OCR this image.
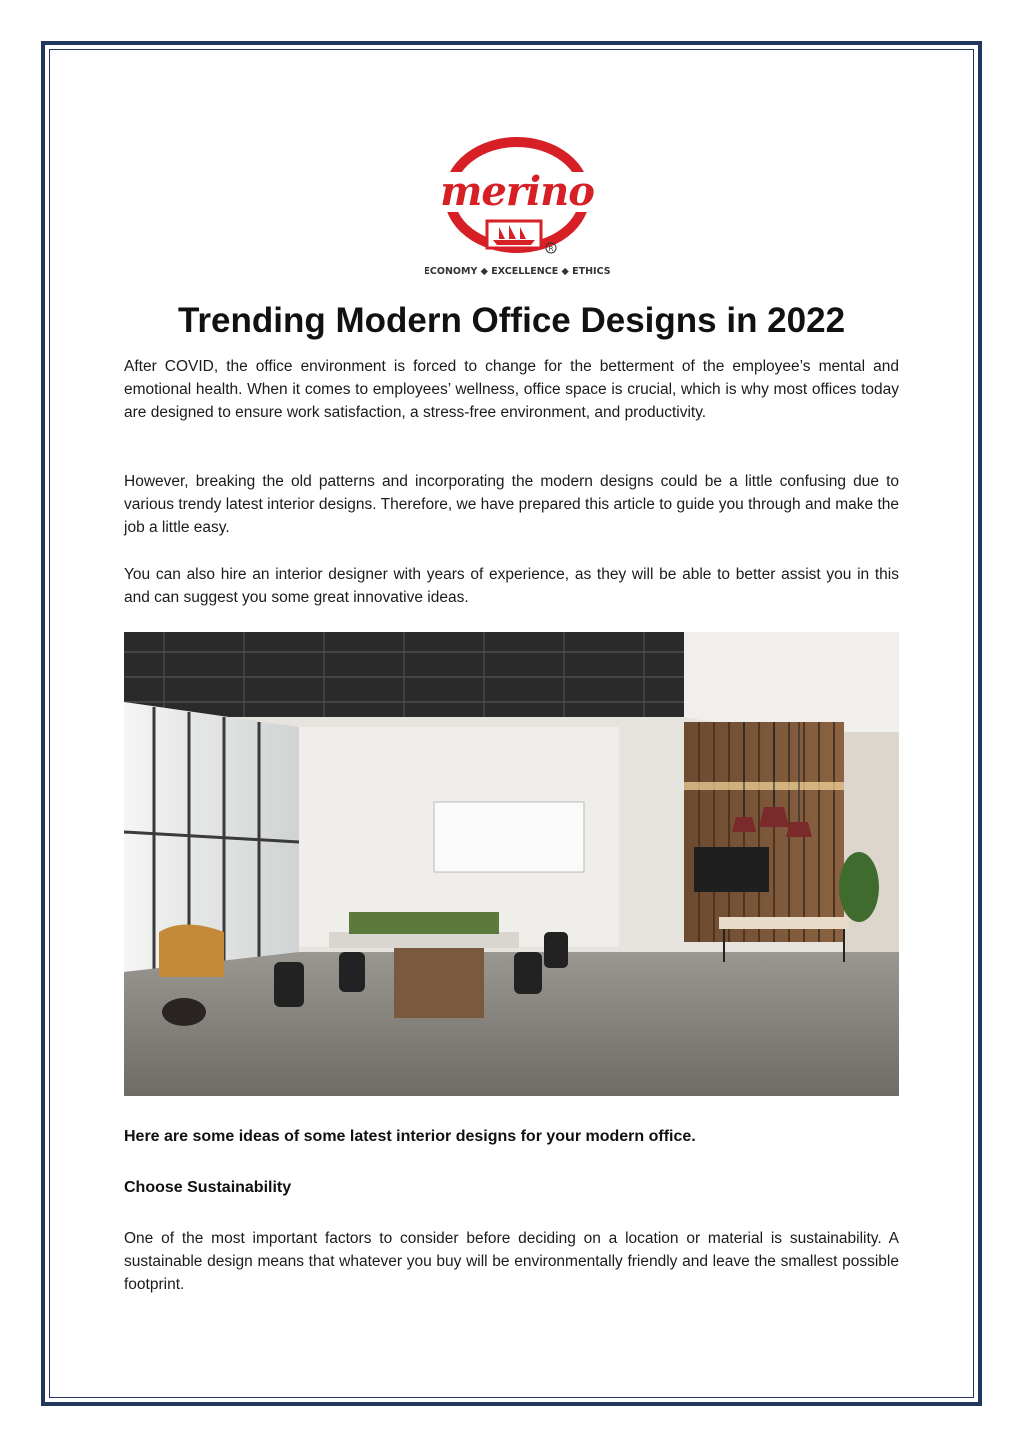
merino
R
ECONOMY ◆ EXCELLENCE ◆ ETHICS
Trending Modern Office Designs in 2022

After COVID, the office environment is forced to change for the betterment of the employee’s mental and emotional health. When it comes to employees’ wellness, office space is crucial, which is why most offices today are designed to ensure work satisfaction, a stress-free environment, and productivity.

However, breaking the old patterns and incorporating the modern designs could be a little confusing due to various trendy latest interior designs. Therefore, we have prepared this article to guide you through and make the job a little easy.

You can also hire an interior designer with years of experience, as they will be able to better assist you in this and can suggest you some great innovative ideas.

Here are some ideas of some latest interior designs for your modern office.

Choose Sustainability

One of the most important factors to consider before deciding on a location or material is sustainability. A sustainable design means that whatever you buy will be environmentally friendly and leave the smallest possible footprint.
